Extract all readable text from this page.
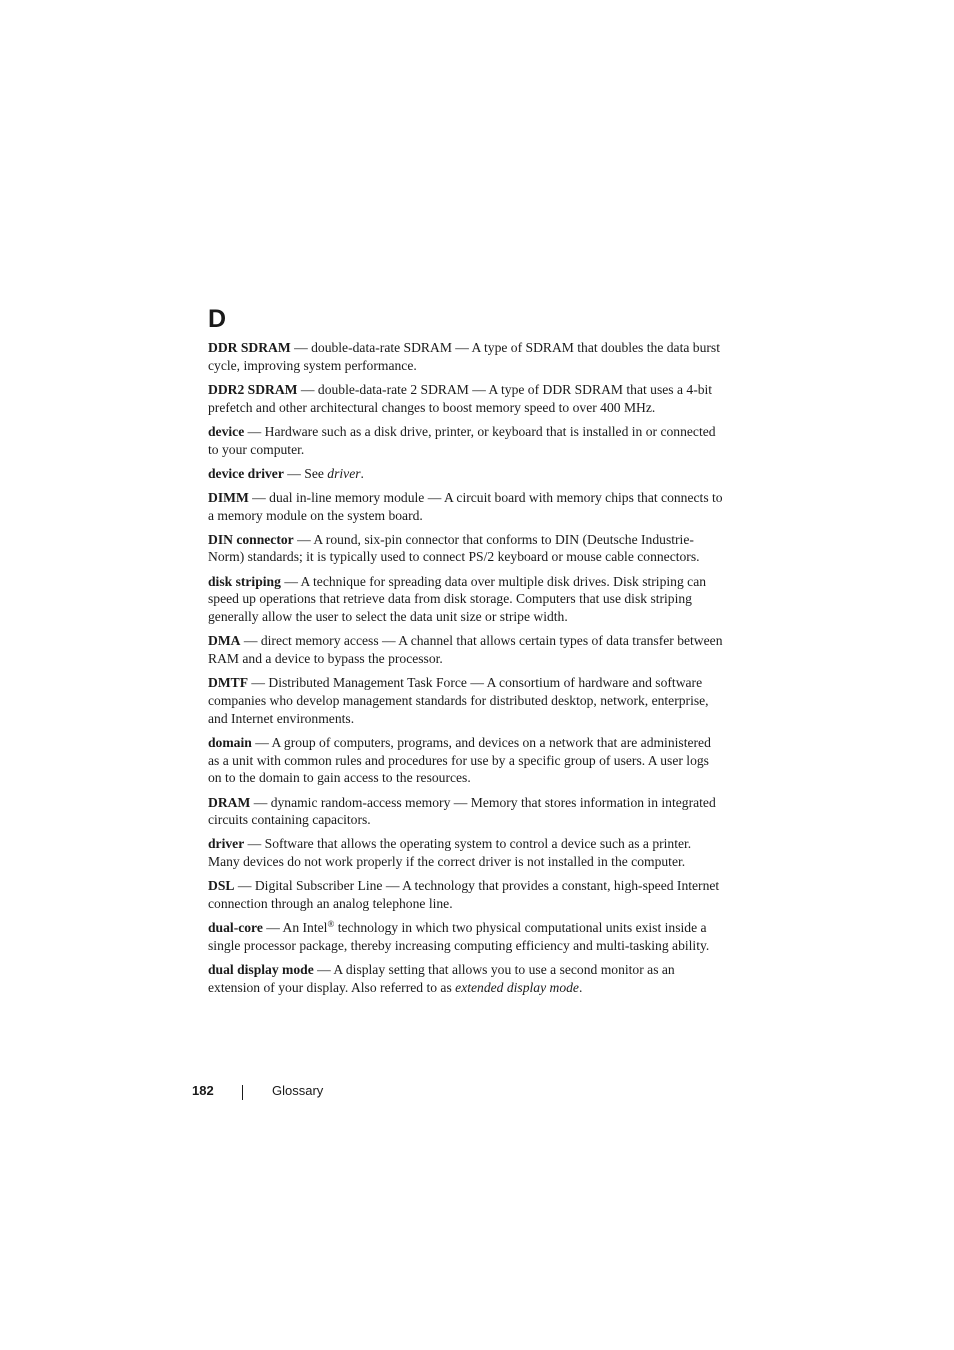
D

DDR SDRAM — double-data-rate SDRAM — A type of SDRAM that doubles the data burst cycle, improving system performance.

DDR2 SDRAM — double-data-rate 2 SDRAM — A type of DDR SDRAM that uses a 4-bit prefetch and other architectural changes to boost memory speed to over 400 MHz.

device — Hardware such as a disk drive, printer, or keyboard that is installed in or connected to your computer.

device driver — See driver.

DIMM — dual in-line memory module — A circuit board with memory chips that connects to a memory module on the system board.

DIN connector — A round, six-pin connector that conforms to DIN (Deutsche Industrie-Norm) standards; it is typically used to connect PS/2 keyboard or mouse cable connectors.

disk striping — A technique for spreading data over multiple disk drives. Disk striping can speed up operations that retrieve data from disk storage. Computers that use disk striping generally allow the user to select the data unit size or stripe width.

DMA — direct memory access — A channel that allows certain types of data transfer between RAM and a device to bypass the processor.

DMTF — Distributed Management Task Force — A consortium of hardware and software companies who develop management standards for distributed desktop, network, enterprise, and Internet environments.

domain — A group of computers, programs, and devices on a network that are administered as a unit with common rules and procedures for use by a specific group of users. A user logs on to the domain to gain access to the resources.

DRAM — dynamic random-access memory — Memory that stores information in integrated circuits containing capacitors.

driver — Software that allows the operating system to control a device such as a printer. Many devices do not work properly if the correct driver is not installed in the computer.

DSL — Digital Subscriber Line — A technology that provides a constant, high-speed Internet connection through an analog telephone line.

dual-core — An Intel® technology in which two physical computational units exist inside a single processor package, thereby increasing computing efficiency and multi-tasking ability.

dual display mode — A display setting that allows you to use a second monitor as an extension of your display. Also referred to as extended display mode.

182	Glossary
